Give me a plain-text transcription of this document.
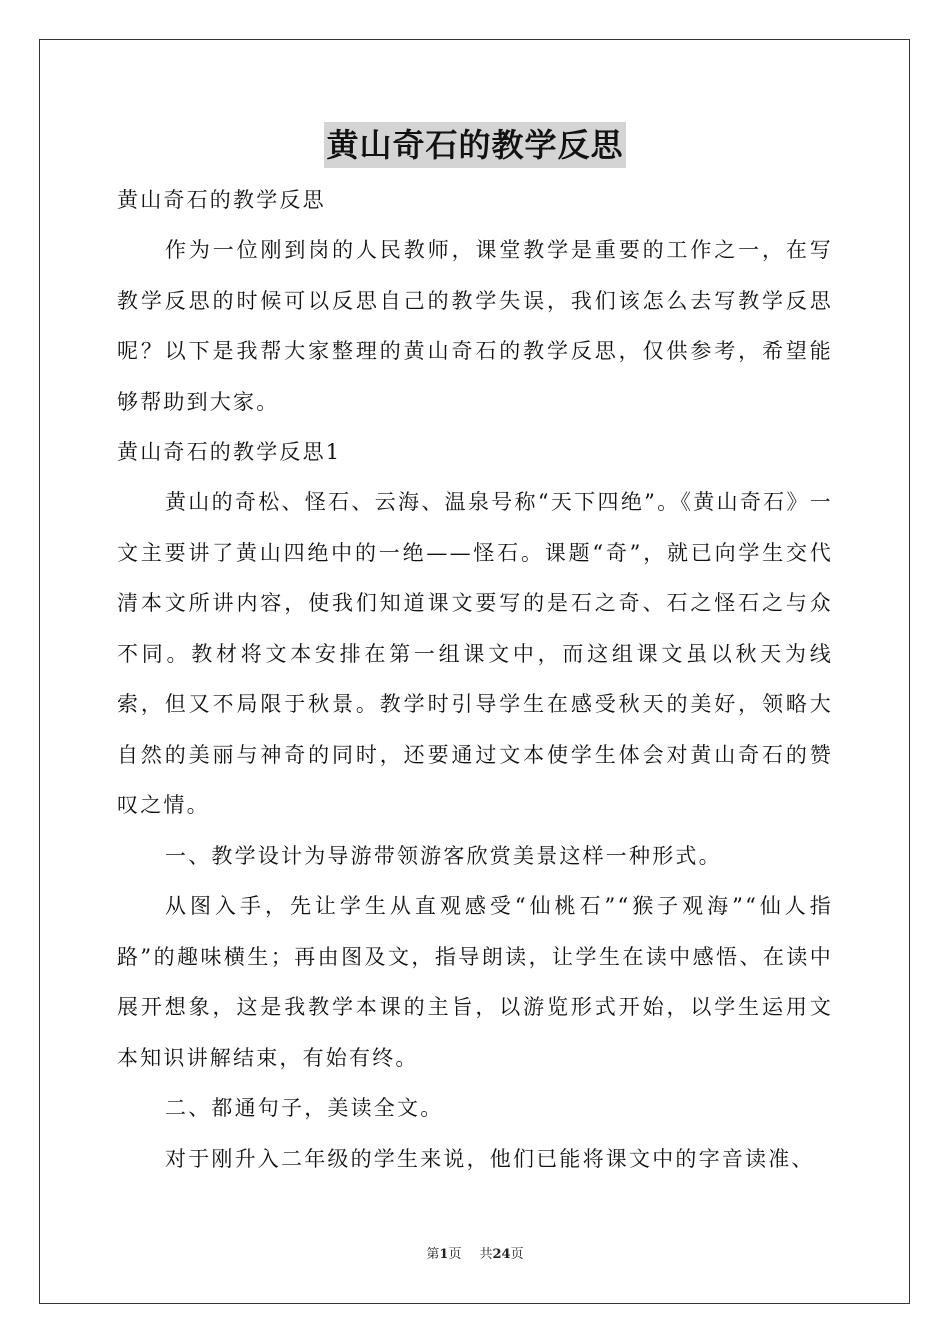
黄山奇石的教学反思
黄山奇石的教学反思

作为一位刚到岗的人民教师，课堂教学是重要的工作之一，在写教学反思的时候可以反思自己的教学失误，我们该怎么去写教学反思呢？以下是我帮大家整理的黄山奇石的教学反思，仅供参考，希望能够帮助到大家。

黄山奇石的教学反思1

黄山的奇松、怪石、云海、温泉号称“天下四绝”。《黄山奇石》一文主要讲了黄山四绝中的一绝——怪石。课题“奇”，就已向学生交代清本文所讲内容，使我们知道课文要写的是石之奇、石之怪石之与众不同。教材将文本安排在第一组课文中，而这组课文虽以秋天为线索，但又不局限于秋景。教学时引导学生在感受秋天的美好，领略大自然的美丽与神奇的同时，还要通过文本使学生体会对黄山奇石的赞叹之情。

一、教学设计为导游带领游客欣赏美景这样一种形式。

从图入手，先让学生从直观感受“仙桃石”“猴子观海”“仙人指路”的趣味横生；再由图及文，指导朗读，让学生在读中感悟、在读中展开想象，这是我教学本课的主旨，以游览形式开始，以学生运用文本知识讲解结束，有始有终。

二、都通句子，美读全文。

对于刚升入二年级的学生来说，他们已能将课文中的字音读准、

第1页 共24页
